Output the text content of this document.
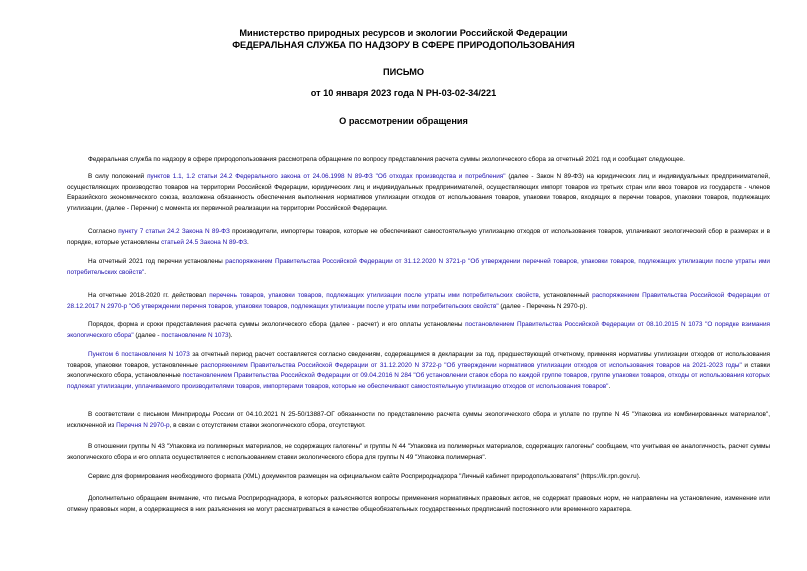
Министерство природных ресурсов и экологии Российской Федерации
ФЕДЕРАЛЬНАЯ СЛУЖБА ПО НАДЗОРУ В СФЕРЕ ПРИРОДОПОЛЬЗОВАНИЯ
ПИСЬМО
от 10 января 2023 года N РН-03-02-34/221
О рассмотрении обращения
Федеральная служба по надзору в сфере природопользования рассмотрела обращение по вопросу представления расчета суммы экологического сбора за отчетный 2021 год и сообщает следующее.
В силу положений пунктов 1.1, 1.2 статьи 24.2 Федерального закона от 24.06.1998 N 89-ФЗ "Об отходах производства и потребления" (далее - Закон N 89-ФЗ) на юридических лиц и индивидуальных предпринимателей, осуществляющих производство товаров на территории Российской Федерации, юридических лиц и индивидуальных предпринимателей, осуществляющих импорт товаров из третьих стран или ввоз товаров из государств - членов Евразийского экономического союза, возложена обязанность обеспечения выполнения нормативов утилизации отходов от использования товаров, упаковки товаров, входящих в перечни товаров, упаковки товаров, подлежащих утилизации, (далее - Перечни) с момента их первичной реализации на территории Российской Федерации.
Согласно пункту 7 статьи 24.2 Закона N 89-ФЗ производители, импортеры товаров, которые не обеспечивают самостоятельную утилизацию отходов от использования товаров, уплачивают экологический сбор в размерах и в порядке, которые установлены статьей 24.5 Закона N 89-ФЗ.
На отчетный 2021 год перечни установлены распоряжением Правительства Российской Федерации от 31.12.2020 N 3721-р "Об утверждении перечней товаров, упаковки товаров, подлежащих утилизации после утраты ими потребительских свойств".
На отчетные 2018-2020 гг. действовал перечень товаров, упаковки товаров, подлежащих утилизации после утраты ими потребительских свойств, установленный распоряжением Правительства Российской Федерации от 28.12.2017 N 2970-р "Об утверждении перечня товаров, упаковки товаров, подлежащих утилизации после утраты ими потребительских свойств" (далее - Перечень N 2970-р).
Порядок, форма и сроки представления расчета суммы экологического сбора (далее - расчет) и его оплаты установлены постановлением Правительства Российской Федерации от 08.10.2015 N 1073 "О порядке взимания экологического сбора" (далее - постановление N 1073).
Пунктом 6 постановления N 1073 за отчетный период расчет составляется согласно сведениям, содержащимся в декларации за год, предшествующий отчетному, применяя нормативы утилизации отходов от использования товаров, упаковки товаров, установленные распоряжением Правительства Российской Федерации от 31.12.2020 N 3722-р "Об утверждении нормативов утилизации отходов от использования товаров на 2021-2023 годы" и ставки экологического сбора, установленные постановлением Правительства Российской Федерации от 09.04.2016 N 284 "Об установлении ставок сбора по каждой группе товаров, группе упаковки товаров, отходы от использования которых подлежат утилизации, уплачиваемого производителями товаров, импортерами товаров, которые не обеспечивают самостоятельную утилизацию отходов от использования товаров".
В соответствии с письмом Минприроды России от 04.10.2021 N 25-50/13887-ОГ обязанности по представлению расчета суммы экологического сбора и уплате по группе N 45 "Упаковка из комбинированных материалов", исключенной из Перечня N 2970-р, в связи с отсутствием ставки экологического сбора, отсутствуют.
В отношении группы N 43 "Упаковка из полимерных материалов, не содержащих галогены" и группы N 44 "Упаковка из полимерных материалов, содержащих галогены" сообщаем, что учитывая ее аналогичность, расчет суммы экологического сбора и его оплата осуществляется с использованием ставки экологического сбора для группы N 49 "Упаковка полимерная".
Сервис для формирования необходимого формата (XML) документов размещен на официальном сайте Росприроднадзора "Личный кабинет природопользователя" (https://lk.rpn.gov.ru).
Дополнительно обращаем внимание, что письма Росприроднадзора, в которых разъясняются вопросы применения нормативных правовых актов, не содержат правовых норм, не направлены на установление, изменение или отмену правовых норм, а содержащиеся в них разъяснения не могут рассматриваться в качестве общеобязательных государственных предписаний постоянного или временного характера.
